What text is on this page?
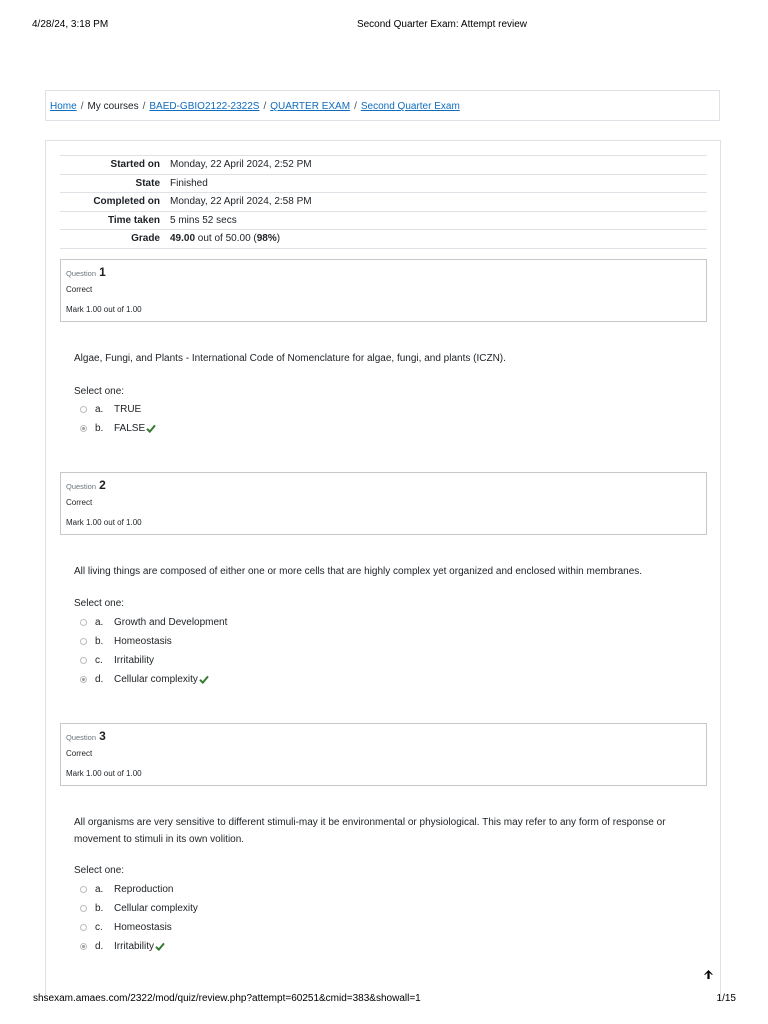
4/28/24, 3:18 PM	Second Quarter Exam: Attempt review
Home / My courses / BAED-GBIO2122-2322S / QUARTER EXAM / Second Quarter Exam
Started on	Monday, 22 April 2024, 2:52 PM
State	Finished
Completed on	Monday, 22 April 2024, 2:58 PM
Time taken	5 mins 52 secs
Grade	49.00 out of 50.00 (98%)
Question 1
Correct
Mark 1.00 out of 1.00
Algae, Fungi, and Plants - International Code of Nomenclature for algae, fungi, and plants (ICZN).
Select one:
a.	TRUE
b.	FALSE
Question 2
Correct
Mark 1.00 out of 1.00
All living things are composed of either one or more cells that are highly complex yet organized and enclosed within membranes.
Select one:
a.	Growth and Development
b.	Homeostasis
c.	Irritability
d.	Cellular complexity
Question 3
Correct
Mark 1.00 out of 1.00
All organisms are very sensitive to different stimuli-may it be environmental or physiological. This may refer to any form of response or movement to stimuli in its own volition.
Select one:
a.	Reproduction
b.	Cellular complexity
c.	Homeostasis
d.	Irritability
shsexam.amaes.com/2322/mod/quiz/review.php?attempt=60251&cmid=383&showall=1	1/15
